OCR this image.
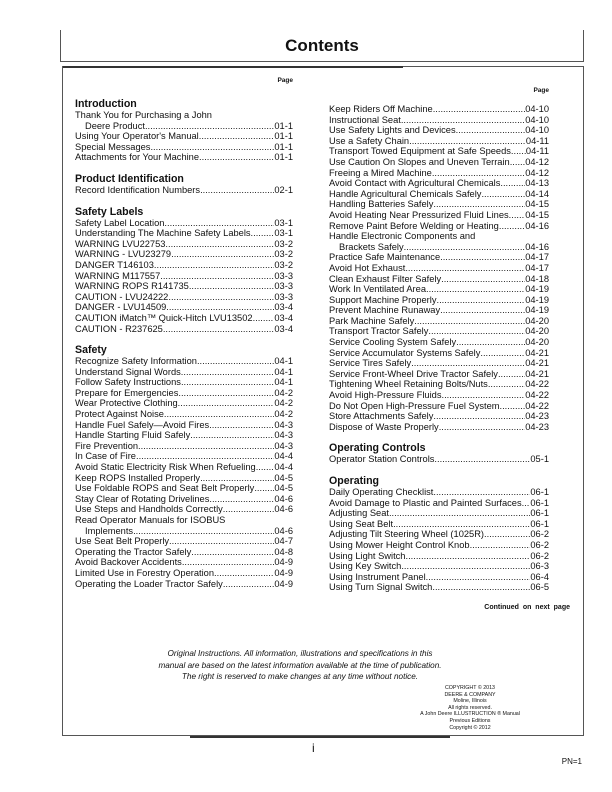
Contents
Page
Introduction
Thank You for Purchasing a John
Deere Product .....	01-1
Using Your Operator's Manual .....	01-1
Special Messages .....	01-1
Attachments for Your Machine .....	01-1
Product Identification
Record Identification Numbers .....	02-1
Safety Labels
Safety Label Location .....	03-1
Understanding The Machine Safety Labels .....	03-1
WARNING LVU22753 .....	03-2
WARNING - LVU23279 .....	03-2
DANGER T146103 .....	03-2
WARNING M117557 .....	03-3
WARNING ROPS R141735 .....	03-3
CAUTION - LVU24222 .....	03-3
DANGER - LVU14509 .....	03-4
CAUTION iMatch™ Quick-Hitch LVU13502 ..... 03-4
CAUTION - R237625 .....	03-4
Safety
Recognize Safety Information .....	04-1
Understand Signal Words .....	04-1
Follow Safety Instructions .....	04-1
Prepare for Emergencies .....	04-2
Wear Protective Clothing .....	04-2
Protect Against Noise .....	04-2
Handle Fuel Safely—Avoid Fires .....	04-3
Handle Starting Fluid Safely .....	04-3
Fire Prevention .....	04-3
In Case of Fire .....	04-4
Avoid Static Electricity Risk When Refueling ..... 04-4
Keep ROPS Installed Properly .....	04-5
Use Foldable ROPS and Seat Belt Properly ..... 04-5
Stay Clear of Rotating Drivelines .....	04-6
Use Steps and Handholds Correctly .....	04-6
Read Operator Manuals for ISOBUS
Implements .....	04-6
Use Seat Belt Properly .....	04-7
Operating the Tractor Safely .....	04-8
Avoid Backover Accidents .....	04-9
Limited Use in Forestry Operation .....	04-9
Operating the Loader Tractor Safely .....	04-9
Page
Keep Riders Off Machine .....	04-10
Instructional Seat .....	04-10
Use Safety Lights and Devices .....	04-10
Use a Safety Chain .....	04-11
Transport Towed Equipment at Safe Speeds ..... 04-11
Use Caution On Slopes and Uneven Terrain ..... 04-12
Freeing a Mired Machine .....	04-12
Avoid Contact with Agricultural Chemicals .....	04-13
Handle Agricultural Chemicals Safely .....	04-14
Handling Batteries Safely .....	04-15
Avoid Heating Near Pressurized Fluid Lines ..... 04-15
Remove Paint Before Welding or Heating .....	04-16
Handle Electronic Components and
Brackets Safely .....	04-16
Practice Safe Maintenance .....	04-17
Avoid Hot Exhaust .....	04-17
Clean Exhaust Filter Safely .....	04-18
Work In Ventilated Area .....	04-19
Support Machine Properly .....	04-19
Prevent Machine Runaway .....	04-19
Park Machine Safely .....	04-20
Transport Tractor Safely .....	04-20
Service Cooling System Safely .....	04-20
Service Accumulator Systems Safely .....	04-21
Service Tires Safely .....	04-21
Service Front-Wheel Drive Tractor Safely .....	04-21
Tightening Wheel Retaining Bolts/Nuts .....	04-22
Avoid High-Pressure Fluids .....	04-22
Do Not Open High-Pressure Fuel System .....	04-22
Store Attachments Safely .....	04-23
Dispose of Waste Properly .....	04-23
Operating Controls
Operator Station Controls .....	05-1
Operating
Daily Operating Checklist .....	06-1
Avoid Damage to Plastic and Painted Surfaces ..... 06-1
Adjusting Seat .....	06-1
Using Seat Belt .....	06-1
Adjusting Tilt Steering Wheel (1025R) .....	06-2
Using Mower Height Control Knob .....	06-2
Using Light Switch .....	06-2
Using Key Switch .....	06-3
Using Instrument Panel .....	06-4
Using Turn Signal Switch .....	06-5
Continued on next page
Original Instructions. All information, illustrations and specifications in this
manual are based on the latest information available at the time of publication.
The right is reserved to make changes at any time without notice.
COPYRIGHT © 2013
DEERE & COMPANY
Moline, Illinois
All rights reserved.
A John Deere ILLUSTRUCTION ® Manual
Previous Editions
Copyright © 2012
i
PN=1
